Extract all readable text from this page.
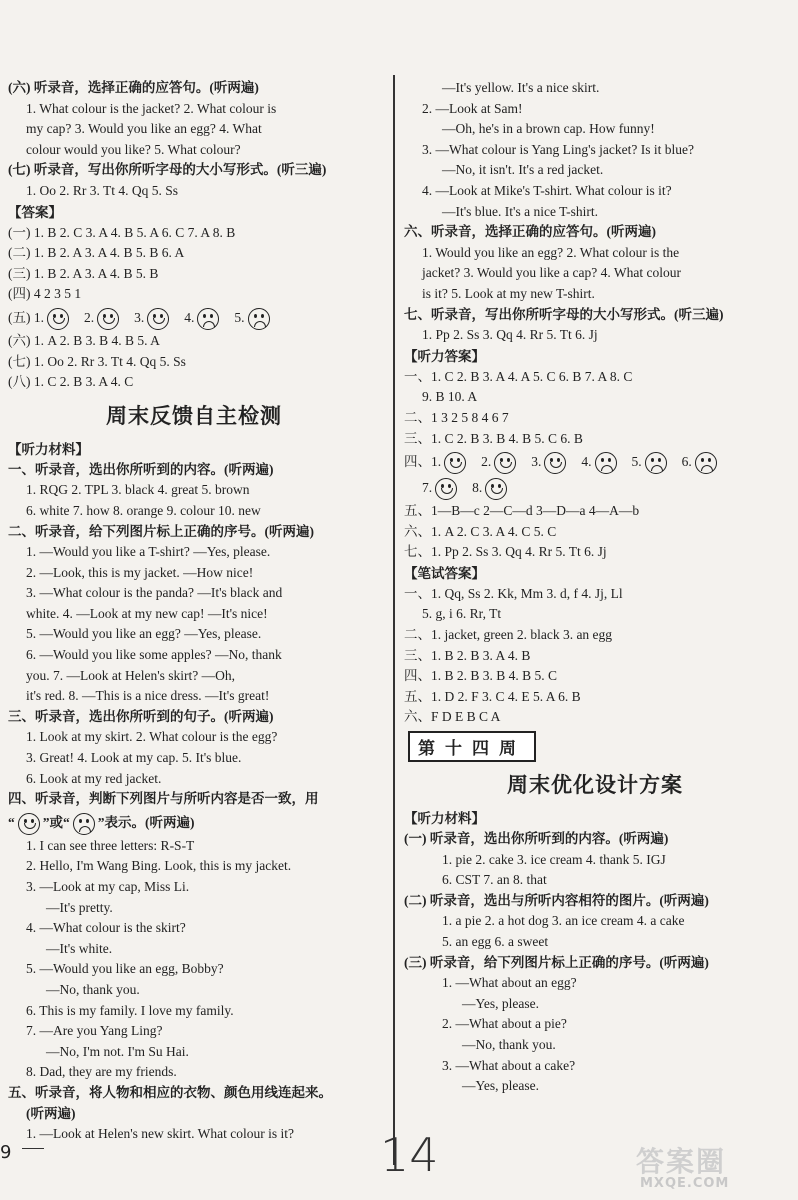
(六) 听录音，选择正确的应答句。(听两遍)
1. What colour is the jacket? 2. What colour is
my cap? 3. Would you like an egg? 4. What
colour would you like? 5. What colour?
(七) 听录音，写出你所听字母的大小写形式。(听三遍)
1. Oo 2. Rr 3. Tt 4. Qq 5. Ss
【答案】
(一) 1. B 2. C 3. A 4. B 5. A 6. C 7. A 8. B
(二) 1. B 2. A 3. A 4. B 5. B 6. A
(三) 1. B 2. A 3. A 4. B 5. B
(四) 4 2 3 5 1
(五) 1.	2.	3.	4.	5.
(六) 1. A 2. B 3. B 4. B 5. A
(七) 1. Oo 2. Rr 3. Tt 4. Qq 5. Ss
(八) 1. C 2. B 3. A 4. C
周末反馈自主检测
【听力材料】
一、听录音，选出你所听到的内容。(听两遍)
1. RQG 2. TPL 3. black 4. great 5. brown
6. white 7. how 8. orange 9. colour 10. new
二、听录音，给下列图片标上正确的序号。(听两遍)
1. —Would you like a T-shirt? —Yes, please.
2. —Look, this is my jacket. —How nice!
3. —What colour is the panda? —It's black and
white. 4. —Look at my new cap! —It's nice!
5. —Would you like an egg? —Yes, please.
6. —Would you like some apples? —No, thank
you. 7. —Look at Helen's skirt? —Oh,
it's red. 8. —This is a nice dress. —It's great!
三、听录音，选出你所听到的句子。(听两遍)
1. Look at my skirt. 2. What colour is the egg?
3. Great! 4. Look at my cap. 5. It's blue.
6. Look at my red jacket.
四、听录音，判断下列图片与所听内容是否一致，用
“ ”或“ ”表示。(听两遍)
1. I can see three letters: R-S-T
2. Hello, I'm Wang Bing. Look, this is my jacket.
3. —Look at my cap, Miss Li.
—It's pretty.
4. —What colour is the skirt?
—It's white.
5. —Would you like an egg, Bobby?
—No, thank you.
6. This is my family. I love my family.
7. —Are you Yang Ling?
—No, I'm not. I'm Su Hai.
8. Dad, they are my friends.
五、听录音，将人物和相应的衣物、颜色用线连起来。
(听两遍)
1. —Look at Helen's new skirt. What colour is it?
—It's yellow. It's a nice skirt.
2. —Look at Sam!
—Oh, he's in a brown cap. How funny!
3. —What colour is Yang Ling's jacket? Is it blue?
—No, it isn't. It's a red jacket.
4. —Look at Mike's T-shirt. What colour is it?
—It's blue. It's a nice T-shirt.
六、听录音，选择正确的应答句。(听两遍)
1. Would you like an egg? 2. What colour is the
jacket? 3. Would you like a cap? 4. What colour
is it? 5. Look at my new T-shirt.
七、听录音，写出你所听字母的大小写形式。(听三遍)
1. Pp 2. Ss 3. Qq 4. Rr 5. Tt 6. Jj
【听力答案】
一、1. C 2. B 3. A 4. A 5. C 6. B 7. A 8. C
9. B 10. A
二、1 3 2 5 8 4 6 7
三、1. C 2. B 3. B 4. B 5. C 6. B
四、1.	2.	3.	4.	5.	6.
7.	8.
五、1—B—c 2—C—d 3—D—a 4—A—b
六、1. A 2. C 3. A 4. C 5. C
七、1. Pp 2. Ss 3. Qq 4. Rr 5. Tt 6. Jj
【笔试答案】
一、1. Qq, Ss 2. Kk, Mm 3. d, f 4. Jj, Ll
5. g, i 6. Rr, Tt
二、1. jacket, green 2. black 3. an egg
三、1. B 2. B 3. A 4. B
四、1. B 2. B 3. B 4. B 5. C
五、1. D 2. F 3. C 4. E 5. A 6. B
六、F D E B C A
第十四周
周末优化设计方案
【听力材料】
(一) 听录音，选出你所听到的内容。(听两遍)
1. pie 2. cake 3. ice cream 4. thank 5. IGJ
6. CST 7. an 8. that
(二) 听录音，选出与所听内容相符的图片。(听两遍)
1. a pie 2. a hot dog 3. an ice cream 4. a cake
5. an egg 6. a sweet
(三) 听录音，给下列图片标上正确的序号。(听两遍)
1. —What about an egg?
—Yes, please.
2. —What about a pie?
—No, thank you.
3. —What about a cake?
—Yes, please.
9	14	答案圈
MXQE.COM
